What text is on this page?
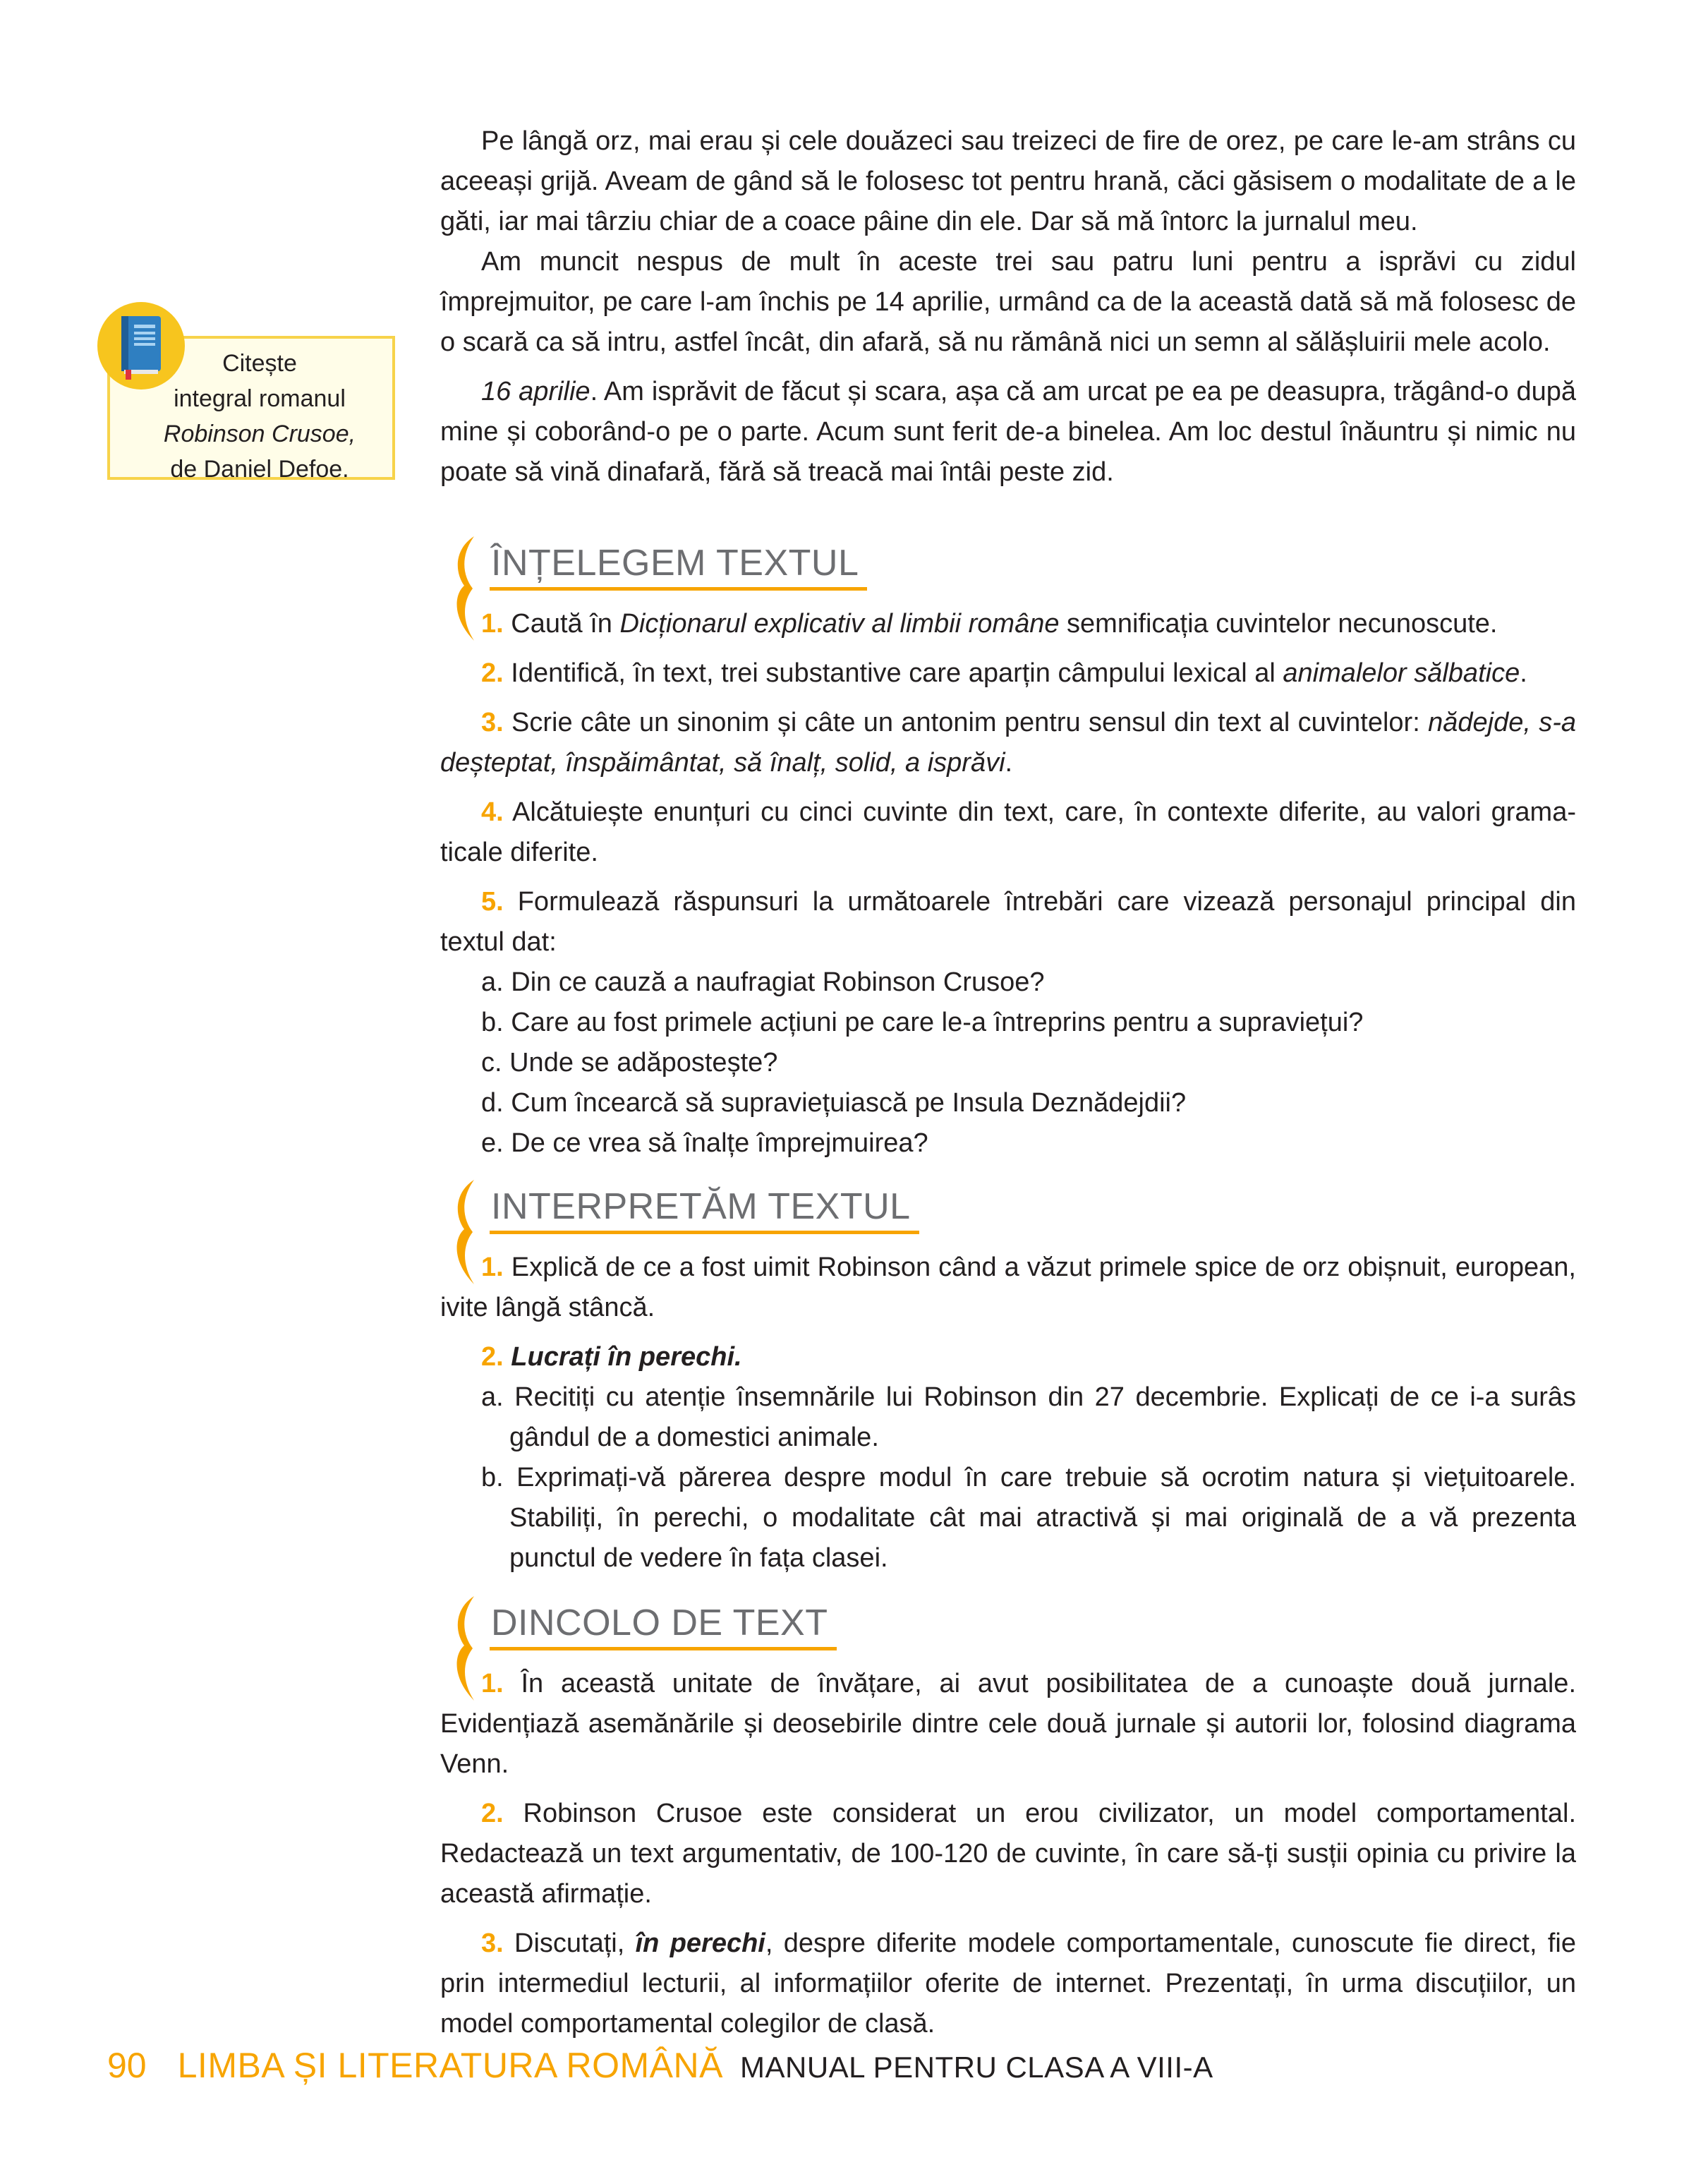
Citește
integral romanul
Robinson Crusoe,
de Daniel Defoe.

Pe lângă orz, mai erau și cele douăzeci sau treizeci de fire de orez, pe care le-am strâns cu aceeași grijă. Aveam de gând să le folosesc tot pentru hrană, căci găsisem o modalitate de a le găti, iar mai târziu chiar de a coace pâine din ele. Dar să mă întorc la jurnalul meu.

Am muncit nespus de mult în aceste trei sau patru luni pentru a isprăvi cu zidul împrejmuitor, pe care l-am închis pe 14 aprilie, urmând ca de la această dată să mă folosesc de o scară ca să intru, astfel încât, din afară, să nu rămână nici un semn al sălășluirii mele acolo.

16 aprilie. Am isprăvit de făcut și scara, așa că am urcat pe ea pe deasupra, trăgând-o după mine și coborând-o pe o parte. Acum sunt ferit de-a binelea. Am loc destul înăuntru și nimic nu poate să vină dinafară, fără să treacă mai întâi peste zid.

ÎNȚELEGEM TEXTUL

1. Caută în Dicționarul explicativ al limbii române semnificația cuvintelor necunoscute.

2. Identifică, în text, trei substantive care aparțin câmpului lexical al animalelor sălbatice.

3. Scrie câte un sinonim și câte un antonim pentru sensul din text al cuvintelor: nădejde, s-a deșteptat, înspăimântat, să înalț, solid, a isprăvi.

4. Alcătuiește enunțuri cu cinci cuvinte din text, care, în contexte diferite, au valori gramaticale diferite.

5. Formulează răspunsuri la următoarele întrebări care vizează personajul principal din textul dat:

a. Din ce cauză a naufragiat Robinson Crusoe?

b. Care au fost primele acțiuni pe care le-a întreprins pentru a supraviețui?

c. Unde se adăpostește?

d. Cum încearcă să supraviețuiască pe Insula Deznădejdii?

e. De ce vrea să înalțe împrejmuirea?

INTERPRETĂM TEXTUL

1. Explică de ce a fost uimit Robinson când a văzut primele spice de orz obișnuit, european, ivite lângă stâncă.

2. Lucrați în perechi.

a. Recitiți cu atenție însemnările lui Robinson din 27 decembrie. Explicați de ce i-a surâs gândul de a domestici animale.

b. Exprimați-vă părerea despre modul în care trebuie să ocrotim natura și viețuitoarele. Stabiliți, în perechi, o modalitate cât mai atractivă și mai originală de a vă prezenta punctul de vedere în fața clasei.

DINCOLO DE TEXT

1. În această unitate de învățare, ai avut posibilitatea de a cunoaște două jurnale. Evidențiază asemănările și deosebirile dintre cele două jurnale și autorii lor, folosind diagrama Venn.

2. Robinson Crusoe este considerat un erou civilizator, un model comportamental. Redactează un text argumentativ, de 100-120 de cuvinte, în care să-ți susții opinia cu privire la această afirmație.

3. Discutați, în perechi, despre diferite modele comportamentale, cunoscute fie direct, fie prin intermediul lecturii, al informațiilor oferite de internet. Prezentați, în urma discuțiilor, un model comportamental colegilor de clasă.

90 LIMBA ȘI LITERATURA ROMÂNĂ MANUAL PENTRU CLASA A VIII-A
